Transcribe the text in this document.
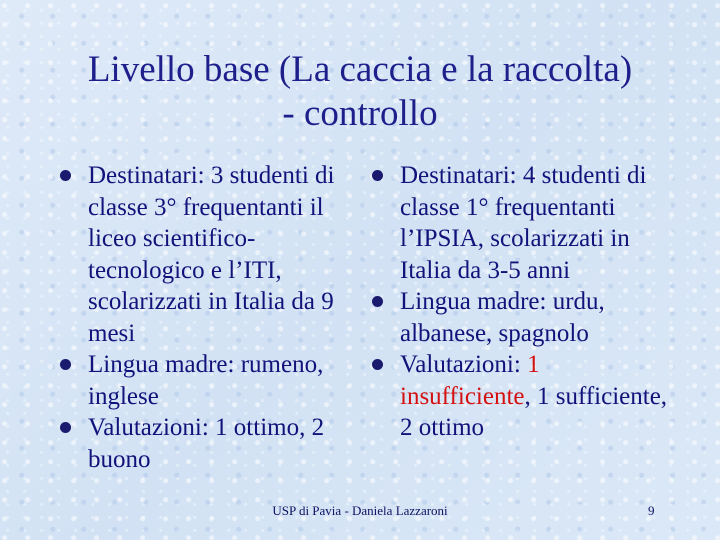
Livello base (La caccia e la raccolta)
- controllo
Destinatari: 3 studenti di classe 3° frequentanti il liceo scientifico-tecnologico e l’ITI, scolarizzati in Italia da 9 mesi
Lingua madre: rumeno, inglese
Valutazioni: 1 ottimo, 2 buono
Destinatari: 4 studenti di classe 1° frequentanti l’IPSIA, scolarizzati in Italia da 3-5 anni
Lingua madre: urdu, albanese, spagnolo
Valutazioni: 1 insufficiente, 1 sufficiente, 2 ottimo
USP di Pavia - Daniela Lazzaroni	9
